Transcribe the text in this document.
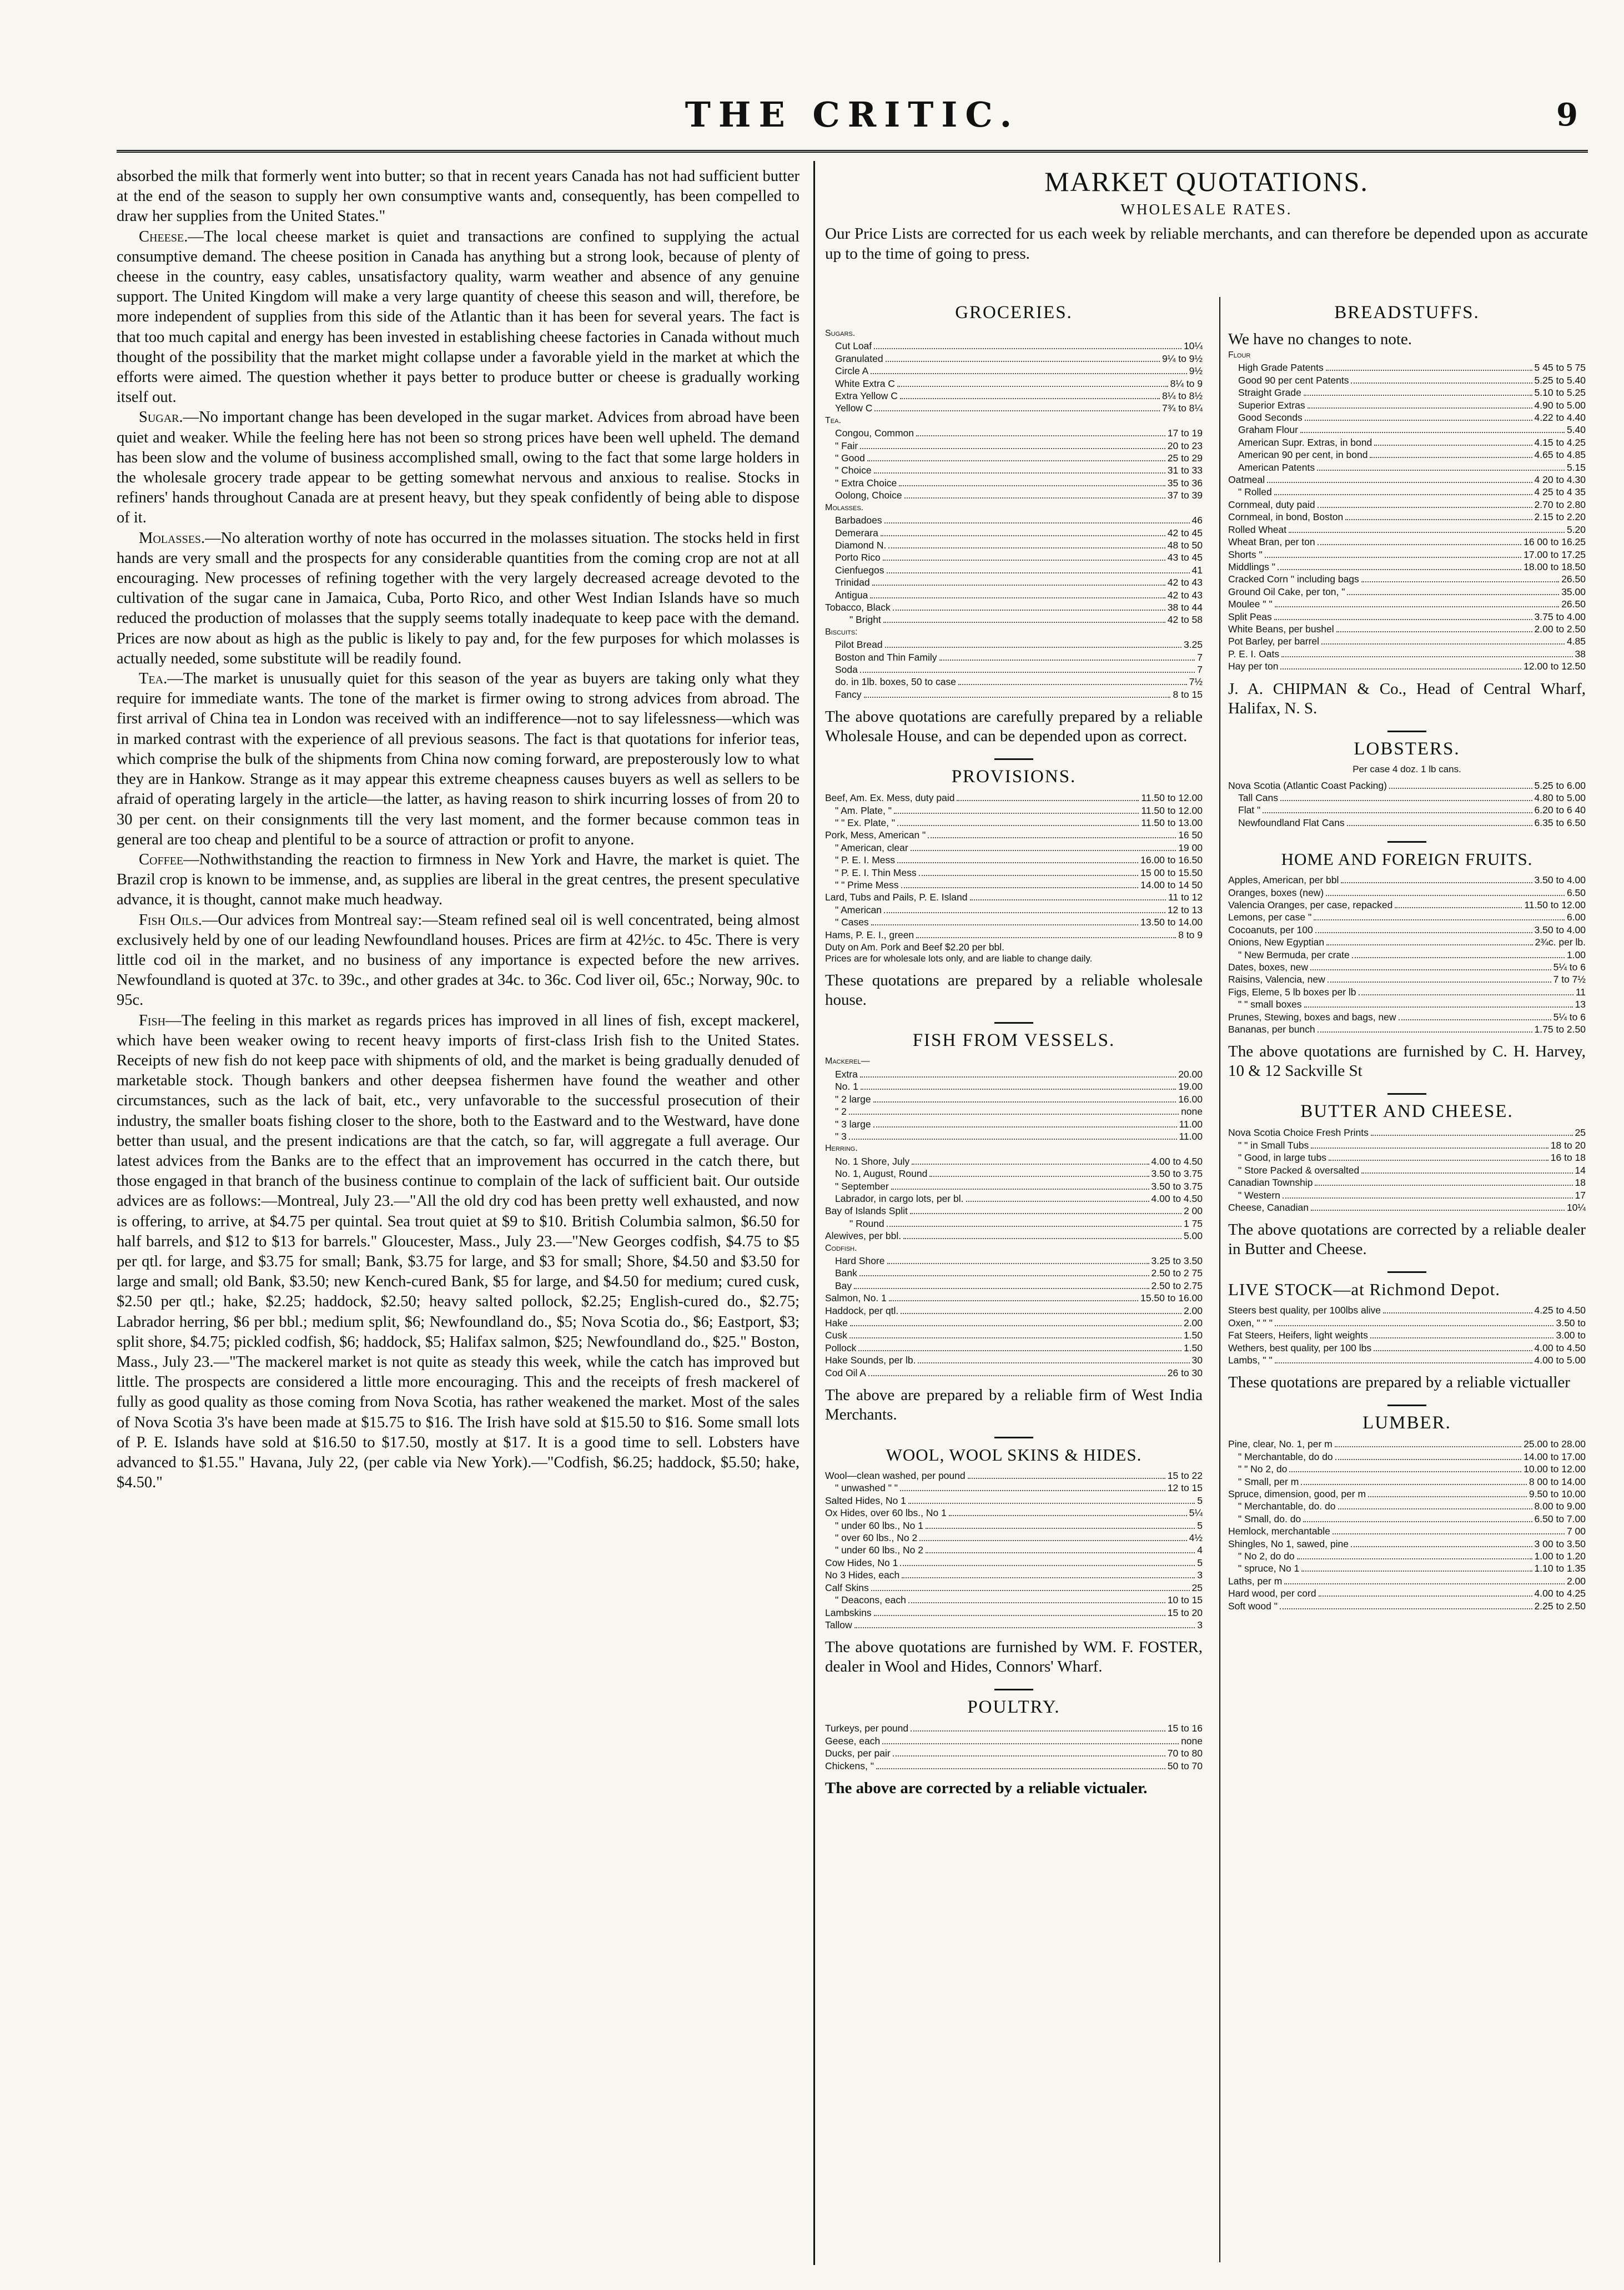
THE CRITIC.	9

absorbed the milk that formerly went into butter; so that in recent years Canada has not had sufficient butter at the end of the season to supply her own consumptive wants and, consequently, has been compelled to draw her supplies from the United States."

Cheese.—The local cheese market is quiet and transactions are confined to supplying the actual consumptive demand. The cheese position in Canada has anything but a strong look, because of plenty of cheese in the country, easy cables, unsatisfactory quality, warm weather and absence of any genuine support. The United Kingdom will make a very large quantity of cheese this season and will, therefore, be more independent of supplies from this side of the Atlantic than it has been for several years. The fact is that too much capital and energy has been invested in establishing cheese factories in Canada without much thought of the possibility that the market might collapse under a favorable yield in the market at which the efforts were aimed. The question whether it pays better to produce butter or cheese is gradually working itself out.

Sugar.—No important change has been developed in the sugar market. Advices from abroad have been quiet and weaker. While the feeling here has not been so strong prices have been well upheld. The demand has been slow and the volume of business accomplished small, owing to the fact that some large holders in the wholesale grocery trade appear to be getting somewhat nervous and anxious to realise. Stocks in refiners' hands throughout Canada are at present heavy, but they speak confidently of being able to dispose of it.

Molasses.—No alteration worthy of note has occurred in the molasses situation. The stocks held in first hands are very small and the prospects for any considerable quantities from the coming crop are not at all encouraging. New processes of refining together with the very largely decreased acreage devoted to the cultivation of the sugar cane in Jamaica, Cuba, Porto Rico, and other West Indian Islands have so much reduced the production of molasses that the supply seems totally inadequate to keep pace with the demand. Prices are now about as high as the public is likely to pay and, for the few purposes for which molasses is actually needed, some substitute will be readily found.

Tea.—The market is unusually quiet for this season of the year as buyers are taking only what they require for immediate wants. The tone of the market is firmer owing to strong advices from abroad. The first arrival of China tea in London was received with an indifference—not to say lifelessness—which was in marked contrast with the experience of all previous seasons. The fact is that quotations for inferior teas, which comprise the bulk of the shipments from China now coming forward, are preposterously low to what they are in Hankow. Strange as it may appear this extreme cheapness causes buyers as well as sellers to be afraid of operating largely in the article—the latter, as having reason to shirk incurring losses of from 20 to 30 per cent. on their consignments till the very last moment, and the former because common teas in general are too cheap and plentiful to be a source of attraction or profit to anyone.

Coffee—Nothwithstanding the reaction to firmness in New York and Havre, the market is quiet. The Brazil crop is known to be immense, and, as supplies are liberal in the great centres, the present speculative advance, it is thought, cannot make much headway.

Fish Oils.—Our advices from Montreal say:—Steam refined seal oil is well concentrated, being almost exclusively held by one of our leading Newfoundland houses. Prices are firm at 42½c. to 45c. There is very little cod oil in the market, and no business of any importance is expected before the new arrives. Newfoundland is quoted at 37c. to 39c., and other grades at 34c. to 36c. Cod liver oil, 65c.; Norway, 90c. to 95c.

Fish—The feeling in this market as regards prices has improved in all lines of fish, except mackerel, which have been weaker owing to recent heavy imports of first-class Irish fish to the United States. Receipts of new fish do not keep pace with shipments of old, and the market is being gradually denuded of marketable stock. Though bankers and other deepsea fishermen have found the weather and other circumstances, such as the lack of bait, etc., very unfavorable to the successful prosecution of their industry, the smaller boats fishing closer to the shore, both to the Eastward and to the Westward, have done better than usual, and the present indications are that the catch, so far, will aggregate a full average. Our latest advices from the Banks are to the effect that an improvement has occurred in the catch there, but those engaged in that branch of the business continue to complain of the lack of sufficient bait. Our outside advices are as follows:—Montreal, July 23.—"All the old dry cod has been pretty well exhausted, and now is offering, to arrive, at $4.75 per quintal. Sea trout quiet at $9 to $10. British Columbia salmon, $6.50 for half barrels, and $12 to $13 for barrels." Gloucester, Mass., July 23.—"New Georges codfish, $4.75 to $5 per qtl. for large, and $3.75 for small; Bank, $3.75 for large, and $3 for small; Shore, $4.50 and $3.50 for large and small; old Bank, $3.50; new Kench-cured Bank, $5 for large, and $4.50 for medium; cured cusk, $2.50 per qtl.; hake, $2.25; haddock, $2.50; heavy salted pollock, $2.25; English-cured do., $2.75; Labrador herring, $6 per bbl.; medium split, $6; Newfoundland do., $5; Nova Scotia do., $6; Eastport, $3; split shore, $4.75; pickled codfish, $6; haddock, $5; Halifax salmon, $25; Newfoundland do., $25." Boston, Mass., July 23.—"The mackerel market is not quite as steady this week, while the catch has improved but little. The prospects are considered a little more encouraging. This and the receipts of fresh mackerel of fully as good quality as those coming from Nova Scotia, has rather weakened the market. Most of the sales of Nova Scotia 3's have been made at $15.75 to $16. The Irish have sold at $15.50 to $16. Some small lots of P. E. Islands have sold at $16.50 to $17.50, mostly at $17. It is a good time to sell. Lobsters have advanced to $1.55." Havana, July 22, (per cable via New York).—"Codfish, $6.25; haddock, $5.50; hake, $4.50."

MARKET QUOTATIONS.
WHOLESALE RATES.
Our Price Lists are corrected for us each week by reliable merchants, and can therefore be depended upon as accurate up to the time of going to press.
GROCERIES.
Sugars.
Cut Loaf	10¼
Granulated	9¼ to 9½
Circle A	9½
White Extra C	8¼ to 9
Extra Yellow C	8¼ to 8½
Yellow C	7¾ to 8¼
Tea.
Congou, Common	17 to 19
" Fair	20 to 23
" Good	25 to 29
" Choice	31 to 33
" Extra Choice	35 to 36
Oolong, Choice	37 to 39
Molasses.
Barbadoes	46
Demerara	42 to 45
Diamond N.	48 to 50
Porto Rico	43 to 45
Cienfuegos	41
Trinidad	42 to 43
Antigua	42 to 43
Tobacco, Black	38 to 44
" Bright	42 to 58
Biscuits:
Pilot Bread	3.25
Boston and Thin Family	7
Soda	7
do. in 1lb. boxes, 50 to case	7½
Fancy	8 to 15
The above quotations are carefully prepared by a reliable Wholesale House, and can be depended upon as correct.
PROVISIONS.
Beef, Am. Ex. Mess, duty paid	11.50 to 12.00
" Am. Plate, "	11.50 to 12.00
" " Ex. Plate, "	11.50 to 13.00
Pork, Mess, American "	16 50
" American, clear	19 00
" P. E. I. Mess	16.00 to 16.50
" P. E. I. Thin Mess	15 00 to 15.50
" " Prime Mess	14.00 to 14 50
Lard, Tubs and Pails, P. E. Island	11 to 12
" American	12 to 13
" Cases	13.50 to 14.00
Hams, P. E. I., green	8 to 9
Duty on Am. Pork and Beef $2.20 per bbl.
Prices are for wholesale lots only, and are liable to change daily.
These quotations are prepared by a reliable wholesale house.
FISH FROM VESSELS.
Mackerel—
Extra	20.00
No. 1	19.00
" 2 large	16.00
" 2	none
" 3 large	11.00
" 3	11.00
Herring.
No. 1 Shore, July	4.00 to 4.50
No. 1, August, Round	3.50 to 3.75
" September	3.50 to 3.75
Labrador, in cargo lots, per bl.	4.00 to 4.50
Bay of Islands Split	2 00
" Round	1 75
Alewives, per bbl.	5.00
Codfish.
Hard Shore	3.25 to 3.50
Bank	2.50 to 2 75
Bay	2.50 to 2.75
Salmon, No. 1	15.50 to 16.00
Haddock, per qtl.	2.00
Hake	2.00
Cusk	1.50
Pollock	1.50
Hake Sounds, per lb.	30
Cod Oil A	26 to 30
The above are prepared by a reliable firm of West India Merchants.
WOOL, WOOL SKINS & HIDES.
Wool—clean washed, per pound	15 to 22
" unwashed " "	12 to 15
Salted Hides, No 1	5
Ox Hides, over 60 lbs., No 1	5¼
" under 60 lbs., No 1	5
" over 60 lbs., No 2	4½
" under 60 lbs., No 2	4
Cow Hides, No 1	5
No 3 Hides, each	3
Calf Skins	25
" Deacons, each	10 to 15
Lambskins	15 to 20
Tallow	3
The above quotations are furnished by WM. F. FOSTER, dealer in Wool and Hides, Connors' Wharf.
POULTRY.
Turkeys, per pound	15 to 16
Geese, each	none
Ducks, per pair	70 to 80
Chickens, "	50 to 70
The above are corrected by a reliable victualer.
BREADSTUFFS.
We have no changes to note.
Flour
High Grade Patents	5 45 to 5 75
Good 90 per cent Patents	5.25 to 5.40
Straight Grade	5.10 to 5.25
Superior Extras	4.90 to 5.00
Good Seconds	4.22 to 4.40
Graham Flour	5.40
American Supr. Extras, in bond	4.15 to 4.25
American 90 per cent, in bond	4.65 to 4.85
American Patents	5.15
Oatmeal	4 20 to 4.30
" Rolled	4 25 to 4 35
Cornmeal, duty paid	2.70 to 2.80
Cornmeal, in bond, Boston	2.15 to 2.20
Rolled Wheat	5.20
Wheat Bran, per ton	16 00 to 16.25
Shorts "	17.00 to 17.25
Middlings "	18.00 to 18.50
Cracked Corn " including bags	26.50
Ground Oil Cake, per ton, "	35.00
Moulee " "	26.50
Split Peas	3.75 to 4.00
White Beans, per bushel	2.00 to 2.50
Pot Barley, per barrel	4.85
P. E. I. Oats	38
Hay per ton	12.00 to 12.50
J. A. CHIPMAN & Co., Head of Central Wharf, Halifax, N. S.
LOBSTERS.
Per case 4 doz. 1 lb cans.
Nova Scotia (Atlantic Coast Packing)	5.25 to 6.00
Tall Cans	4.80 to 5.00
Flat "	6.20 to 6 40
Newfoundland Flat Cans	6.35 to 6.50
HOME AND FOREIGN FRUITS.
Apples, American, per bbl	3.50 to 4.00
Oranges, boxes (new)	6.50
Valencia Oranges, per case, repacked	11.50 to 12.00
Lemons, per case "	6.00
Cocoanuts, per 100	3.50 to 4.00
Onions, New Egyptian	2¾c. per lb.
" New Bermuda, per crate	1.00
Dates, boxes, new	5¼ to 6
Raisins, Valencia, new	7 to 7½
Figs, Eleme, 5 lb boxes per lb	11
" " small boxes	13
Prunes, Stewing, boxes and bags, new	5¼ to 6
Bananas, per bunch	1.75 to 2.50
The above quotations are furnished by C. H. Harvey, 10 & 12 Sackville St
BUTTER AND CHEESE.
Nova Scotia Choice Fresh Prints	25
" " in Small Tubs	18 to 20
" Good, in large tubs	16 to 18
" Store Packed & oversalted	14
Canadian Township	18
" Western	17
Cheese, Canadian	10¼
The above quotations are corrected by a reliable dealer in Butter and Cheese.
LIVE STOCK—at Richmond Depot.
Steers best quality, per 100lbs alive	4.25 to 4.50
Oxen, " " "	3.50 to
Fat Steers, Heifers, light weights	3.00 to
Wethers, best quality, per 100 lbs	4.00 to 4.50
Lambs, " "	4.00 to 5.00
These quotations are prepared by a reliable victualler
LUMBER.
Pine, clear, No. 1, per m	25.00 to 28.00
" Merchantable, do do	14.00 to 17.00
" " No 2, do	10.00 to 12.00
" Small, per m	8 00 to 14.00
Spruce, dimension, good, per m	9.50 to 10.00
" Merchantable, do. do	8.00 to 9.00
" Small, do. do	6.50 to 7.00
Hemlock, merchantable	7 00
Shingles, No 1, sawed, pine	3 00 to 3.50
" No 2, do do	1.00 to 1.20
" spruce, No 1	1.10 to 1.35
Laths, per m	2.00
Hard wood, per cord	4.00 to 4.25
Soft wood "	2.25 to 2.50
